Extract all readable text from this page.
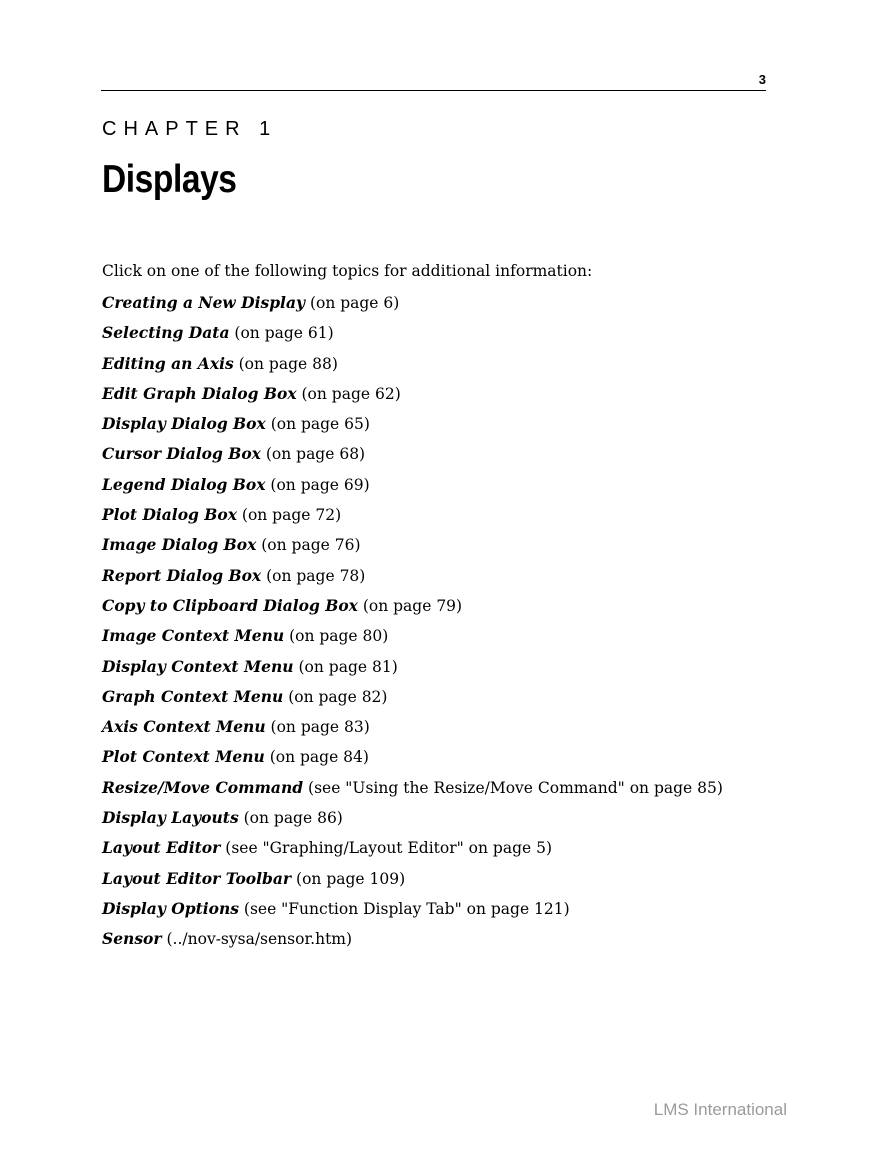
3
CHAPTER 1
Displays
Click on one of the following topics for additional information:
Creating a New Display (on page 6)
Selecting Data (on page 61)
Editing an Axis (on page 88)
Edit Graph Dialog Box (on page 62)
Display Dialog Box (on page 65)
Cursor Dialog Box (on page 68)
Legend Dialog Box (on page 69)
Plot Dialog Box (on page 72)
Image Dialog Box (on page 76)
Report Dialog Box (on page 78)
Copy to Clipboard Dialog Box (on page 79)
Image Context Menu (on page 80)
Display Context Menu (on page 81)
Graph Context Menu (on page 82)
Axis Context Menu (on page 83)
Plot Context Menu (on page 84)
Resize/Move Command (see "Using the Resize/Move Command" on page 85)
Display Layouts (on page 86)
Layout Editor (see "Graphing/Layout Editor" on page 5)
Layout Editor Toolbar (on page 109)
Display Options (see "Function Display Tab" on page 121)
Sensor (../nov-sysa/sensor.htm)
LMS International
